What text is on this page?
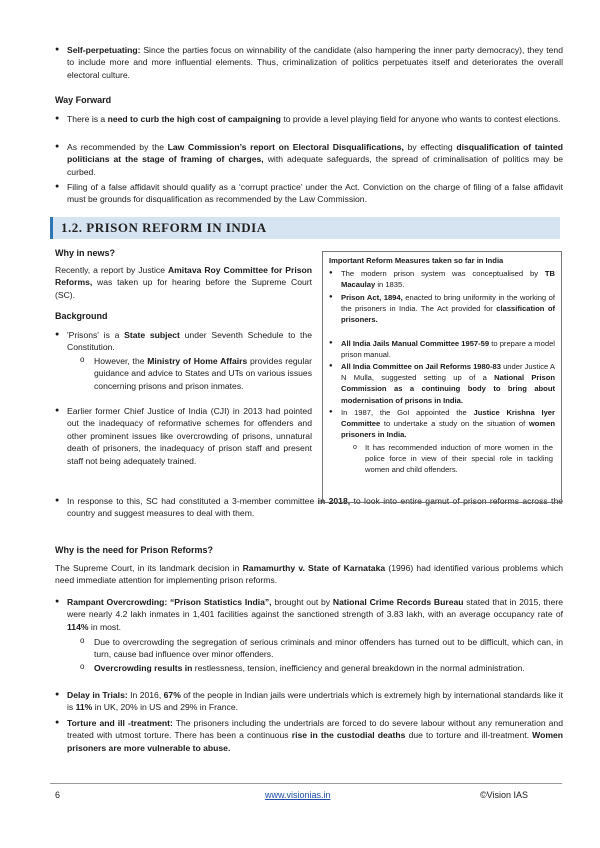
● Self-perpetuating: Since the parties focus on winnability of the candidate (also hampering the inner party democracy), they tend to include more and more influential elements. Thus, criminalization of politics perpetuates itself and deteriorates the overall electoral culture.
Way Forward
● There is a need to curb the high cost of campaigning to provide a level playing field for anyone who wants to contest elections.
● As recommended by the Law Commission’s report on Electoral Disqualifications, by effecting disqualification of tainted politicians at the stage of framing of charges, with adequate safeguards, the spread of criminalisation of politics may be curbed.
● Filing of a false affidavit should qualify as a ‘corrupt practice’ under the Act. Conviction on the charge of filing of a false affidavit must be grounds for disqualification as recommended by the Law Commission.
1.2. PRISON REFORM IN INDIA
Why in news?
Recently, a report by Justice Amitava Roy Committee for Prison Reforms, was taken up for hearing before the Supreme Court (SC).
Background
● 'Prisons' is a State subject under Seventh Schedule to the Constitution.
o However, the Ministry of Home Affairs provides regular guidance and advice to States and UTs on various issues concerning prisons and prison inmates.
● Earlier former Chief Justice of India (CJI) in 2013 had pointed out the inadequacy of reformative schemes for offenders and other prominent issues like overcrowding of prisons, unnatural death of prisoners, the inadequacy of prison staff and present staff not being adequately trained.
● In response to this, SC had constituted a 3-member committee in 2018, to look into entire gamut of prison reforms across the country and suggest measures to deal with them.
Important Reform Measures taken so far in India
● The modern prison system was conceptualised by TB Macaulay in 1835.
● Prison Act, 1894, enacted to bring uniformity in the working of the prisoners in India. The Act provided for classification of prisoners.
● All India Jails Manual Committee 1957-59 to prepare a model prison manual.
● All India Committee on Jail Reforms 1980-83 under Justice A N Mulla, suggested setting up of a National Prison Commission as a continuing body to bring about modernisation of prisons in India.
● In 1987, the GoI appointed the Justice Krishna Iyer Committee to undertake a study on the situation of women prisoners in India.
o It has recommended induction of more women in the police force in view of their special role in tackling women and child offenders.
Why is the need for Prison Reforms?
The Supreme Court, in its landmark decision in Ramamurthy v. State of Karnataka (1996) had identified various problems which need immediate attention for implementing prison reforms.
● Rampant Overcrowding: “Prison Statistics India”, brought out by National Crime Records Bureau stated that in 2015, there were nearly 4.2 lakh inmates in 1,401 facilities against the sanctioned strength of 3.83 lakh, with an average occupancy rate of 114% in most.
o Due to overcrowding the segregation of serious criminals and minor offenders has turned out to be difficult, which can, in turn, cause bad influence over minor offenders.
o Overcrowding results in restlessness, tension, inefficiency and general breakdown in the normal administration.
● Delay in Trials: In 2016, 67% of the people in Indian jails were undertrials which is extremely high by international standards like it is 11% in UK, 20% in US and 29% in France.
● Torture and ill -treatment: The prisoners including the undertrials are forced to do severe labour without any remuneration and treated with utmost torture. There has been a continuous rise in the custodial deaths due to torture and ill-treatment. Women prisoners are more vulnerable to abuse.
6	www.visionias.in	©Vision IAS
